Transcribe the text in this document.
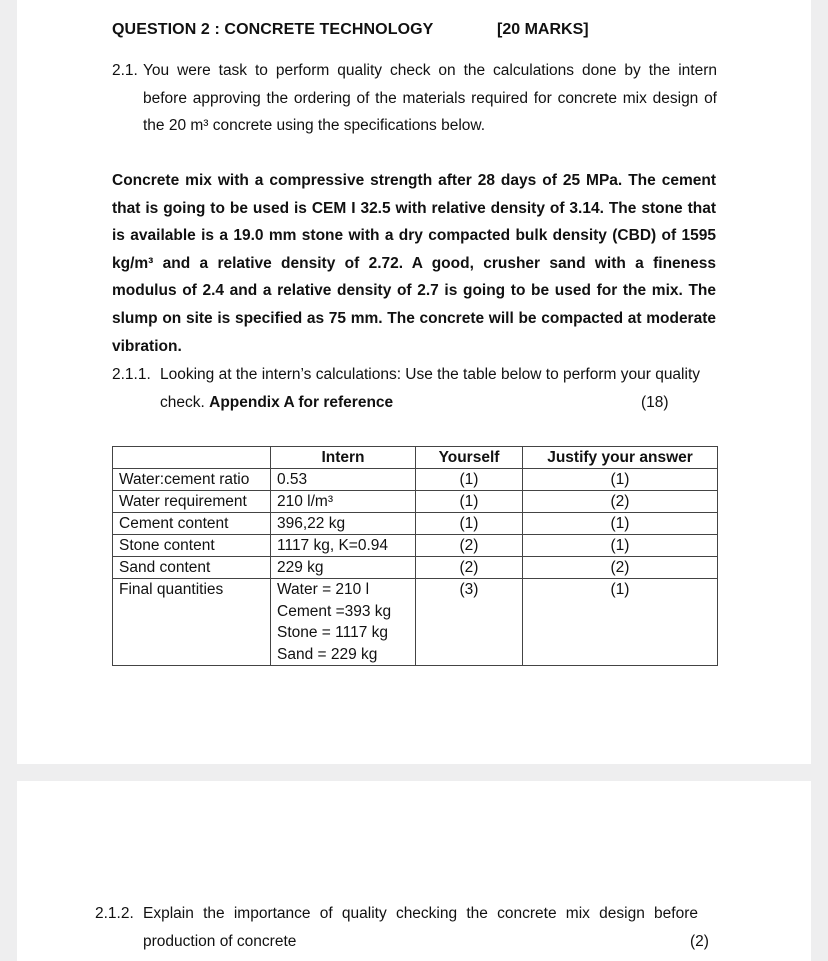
QUESTION 2 : CONCRETE TECHNOLOGY	[20 MARKS]
2.1. You were task to perform quality check on the calculations done by the intern before approving the ordering of the materials required for concrete mix design of the 20 m³ concrete using the specifications below.
Concrete mix with a compressive strength after 28 days of 25 MPa. The cement that is going to be used is CEM I 32.5 with relative density of 3.14. The stone that is available is a 19.0 mm stone with a dry compacted bulk density (CBD) of 1595 kg/m³ and a relative density of 2.72. A good, crusher sand with a fineness modulus of 2.4 and a relative density of 2.7 is going to be used for the mix. The slump on site is specified as 75 mm. The concrete will be compacted at moderate vibration.
2.1.1. Looking at the intern’s calculations: Use the table below to perform your quality check. Appendix A for reference	(18)
	Intern	Yourself	Justify your answer
Water:cement ratio	0.53	(1)	(1)
Water requirement	210 l/m³	(1)	(2)
Cement content	396,22 kg	(1)	(1)
Stone content	1117 kg, K=0.94	(2)	(1)
Sand content	229 kg	(2)	(2)
Final quantities	Water = 210 l
Cement =393 kg
Stone = 1117 kg
Sand = 229 kg	(3)	(1)
2.1.2. Explain the importance of quality checking the concrete mix design before production of concrete	(2)
